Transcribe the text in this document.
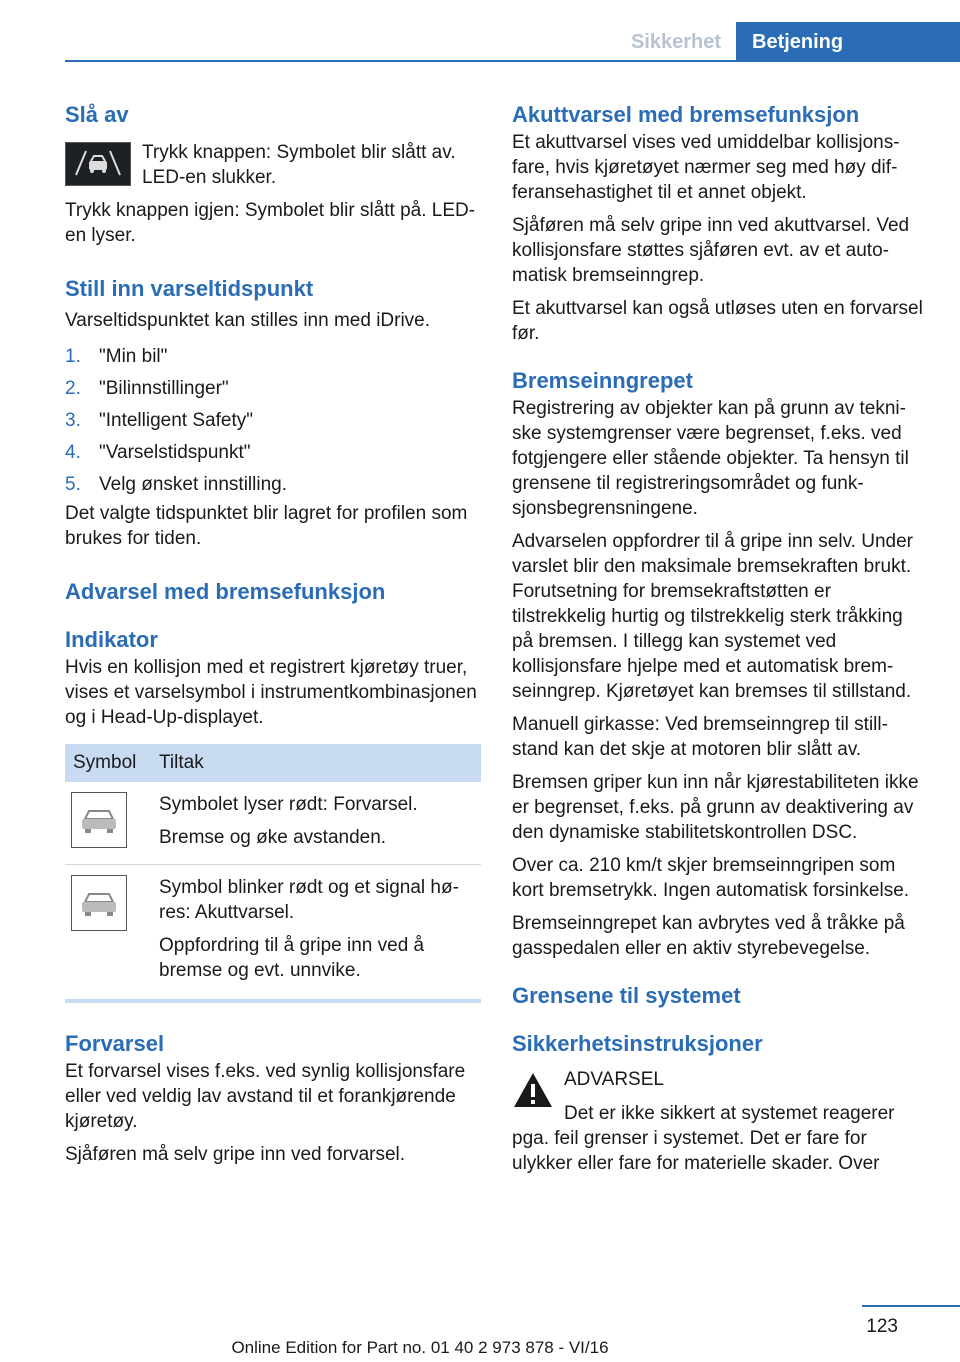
Sikkerhet	Betjening
Slå av

Trykk knappen: Symbolet blir slått av. LED-en slukker.

Trykk knappen igjen: Symbolet blir slått på. LED-en lyser.

Still inn varseltidspunkt

Varseltidspunktet kan stilles inn med iDrive.

1. "Min bil"
2. "Bilinnstillinger"
3. "Intelligent Safety"
4. "Varselstidspunkt"
5. Velg ønsket innstilling.

Det valgte tidspunktet blir lagret for profilen som brukes for tiden.

Advarsel med bremsefunksjon
Indikator

Hvis en kollisjon med et registrert kjøretøy truer, vises et varselsymbol i instrumentkombinasjonen og i Head-Up-displayet.

Symbol	Tiltak

Symbolet lyser rødt: Forvarsel.

Bremse og øke avstanden.

Symbol blinker rødt og et signal høres: Akuttvarsel.

Oppfordring til å gripe inn ved å bremse og evt. unnvike.

Forvarsel

Et forvarsel vises f.eks. ved synlig kollisjonsfare eller ved veldig lav avstand til et forankjørende kjøretøy.

Sjåføren må selv gripe inn ved forvarsel.

Akuttvarsel med bremsefunksjon

Et akuttvarsel vises ved umiddelbar kollisjonsfare, hvis kjøretøyet nærmer seg med høy differansehastighet til et annet objekt.

Sjåføren må selv gripe inn ved akuttvarsel. Ved kollisjonsfare støttes sjåføren evt. av et automatisk bremseinngrep.

Et akuttvarsel kan også utløses uten en forvarsel før.

Bremseinngrepet

Registrering av objekter kan på grunn av tekniske systemgrenser være begrenset, f.eks. ved fotgjengere eller stående objekter. Ta hensyn til grensene til registreringsområdet og funksjonsbegrensningene.

Advarselen oppfordrer til å gripe inn selv. Under varslet blir den maksimale bremsekraften brukt. Forutsetning for bremsekraftstøtten er tilstrekkelig hurtig og tilstrekkelig sterk tråkking på bremsen. I tillegg kan systemet ved kollisjonsfare hjelpe med et automatisk bremseinngrep. Kjøretøyet kan bremses til stillstand.

Manuell girkasse: Ved bremseinngrep til stillstand kan det skje at motoren blir slått av.

Bremsen griper kun inn når kjørestabiliteten ikke er begrenset, f.eks. på grunn av deaktivering av den dynamiske stabilitetskontrollen DSC.

Over ca. 210 km/t skjer bremseinngripen som kort bremsetrykk. Ingen automatisk forsinkelse.

Bremseinngrepet kan avbrytes ved å tråkke på gasspedalen eller en aktiv styrebevegelse.

Grensene til systemet
Sikkerhetsinstruksjoner

ADVARSEL

Det er ikke sikkert at systemet reagerer pga. feil grenser i systemet. Det er fare for ulykker eller fare for materielle skader. Over

123
Online Edition for Part no. 01 40 2 973 878 - VI/16
